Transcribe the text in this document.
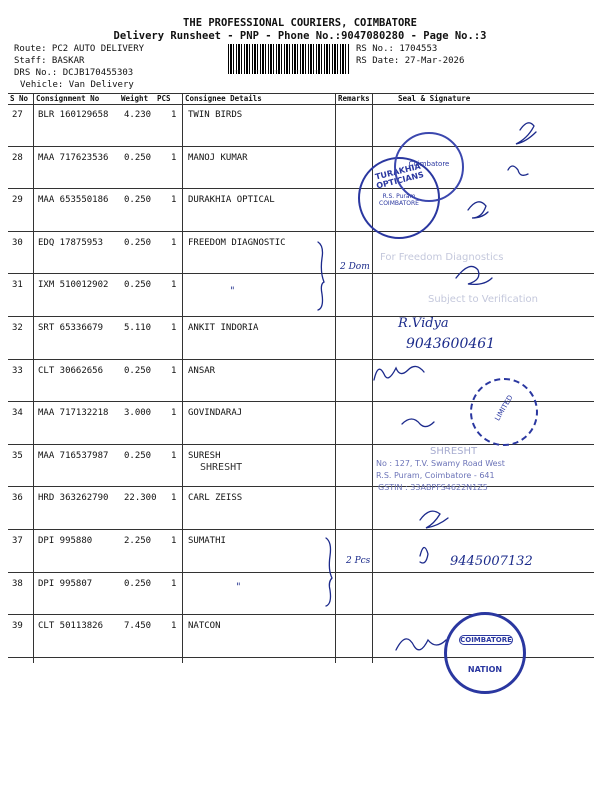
THE PROFESSIONAL COURIERS, COIMBATORE
Delivery Runsheet - PNP - Phone No.:9047080280 - Page No.:3
Route: PC2 AUTO DELIVERY
Staff: BASKAR
DRS No.: DCJB170455303
Vehicle: Van Delivery
RS No.: 1704553
RS Date: 27-Mar-2026
S No Consignment No	Weight PCS Consignee Details	Remarks	Seal & Signature
27 BLR 160129658 4.230 1 TWIN BIRDS
28 MAA 717623536 0.250 1 MANOJ KUMAR
29 MAA 653550186 0.250 1 DURAKHIA OPTICAL
30 EDQ 17875953 0.250 1 FREEDOM DIAGNOSTIC
31 IXM 510012902 0.250 1
32 SRT 65336679 5.110 1 ANKIT INDORIA
33 CLT 30662656 0.250 1 ANSAR
34 MAA 717132218 3.000 1 GOVINDARAJ
35 MAA 716537987 0.250 1 SURESH
36 HRD 363262790 22.300 1 CARL ZEISS
37 DPI 995880	2.250 1 SUMATHI
38 DPI 995807	0.250 1
39 CLT 50113826 7.450 1 NATCON
TURAKHIA OPTICIANS
R.S. Puram COIMBATORE
Coimbatore
LIMITED
COIMBATORE
NATION
SHRESHT
No : 127, T.V. Swamy Road West
R.S. Puram, Coimbatore - 641
GSTIN : 33ABPFS4622N1Z5
For Freedom Diagnostics
Subject to Verification
2 Dom
2 Pcs
SHRESHT
R.Vidya
9043600461
9445007132
"
"
